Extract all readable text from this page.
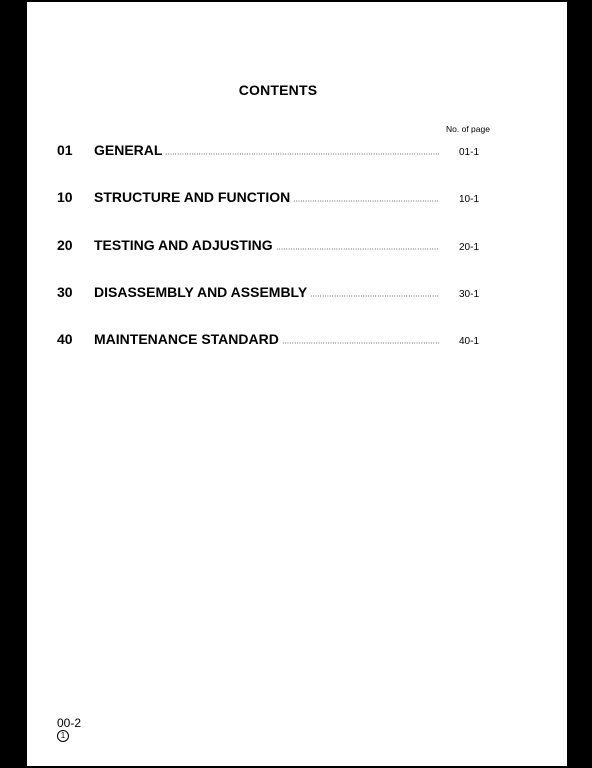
CONTENTS
No. of page
01 GENERAL	01-1
10 STRUCTURE AND FUNCTION	10-1
20 TESTING AND ADJUSTING	20-1
30 DISASSEMBLY AND ASSEMBLY	30-1
40 MAINTENANCE STANDARD	40-1
00-2
1
